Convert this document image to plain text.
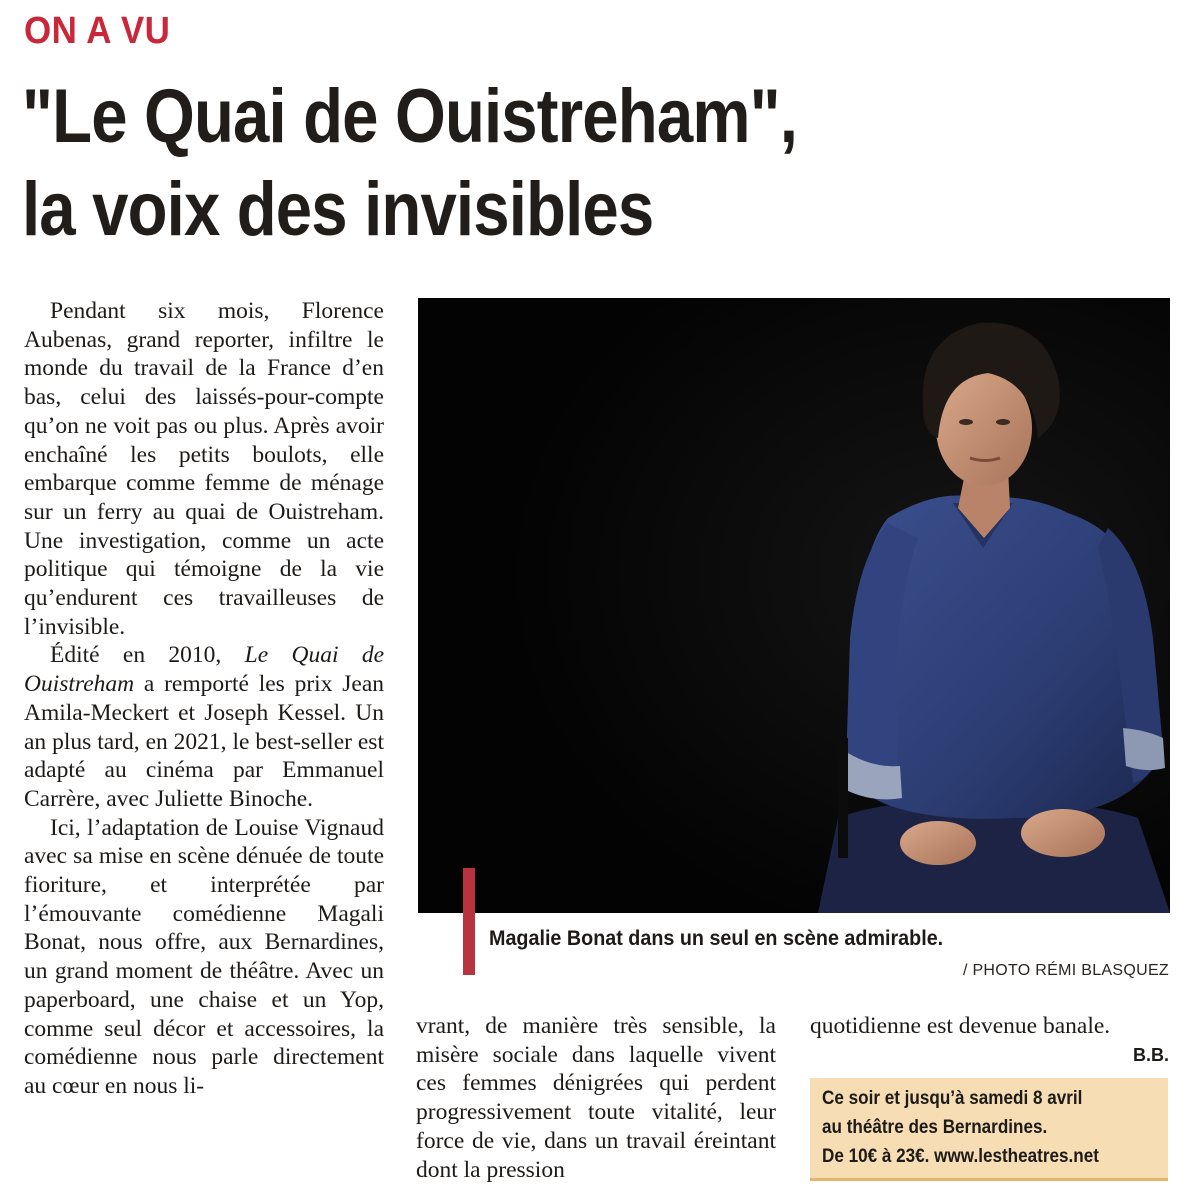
ON A VU
"Le Quai de Ouistreham",
la voix des invisibles

Pendant six mois, Florence Aubenas, grand reporter, infiltre le monde du travail de la France d’en bas, celui des laissés-pour-compte qu’on ne voit pas ou plus. Après avoir enchaîné les petits boulots, elle embarque comme femme de ménage sur un ferry au quai de Ouistreham. Une investigation, comme un acte politique qui témoigne de la vie qu’endurent ces travailleuses de l’invisible.

Édité en 2010, Le Quai de Ouistreham a remporté les prix Jean Amila-Meckert et Joseph Kessel. Un an plus tard, en 2021, le best-seller est adapté au cinéma par Emmanuel Carrère, avec Juliette Binoche.

Ici, l’adaptation de Louise Vignaud avec sa mise en scène dénuée de toute fioriture, et interprétée par l’émouvante comédienne Magali Bonat, nous offre, aux Bernardines, un grand moment de théâtre. Avec un paperboard, une chaise et un Yop, comme seul décor et accessoires, la comédienne nous parle directement au cœur en nous li-

Magalie Bonat dans un seul en scène admirable.
/ PHOTO RÉMI BLASQUEZ

vrant, de manière très sensible, la misère sociale dans laquelle vivent ces femmes dénigrées qui perdent progressivement toute vitalité, leur force de vie, dans un travail éreintant dont la pression

quotidienne est devenue banale.

B.B.
Ce soir et jusqu’à samedi 8 avril
au théâtre des Bernardines.
De 10€ à 23€. www.lestheatres.net
